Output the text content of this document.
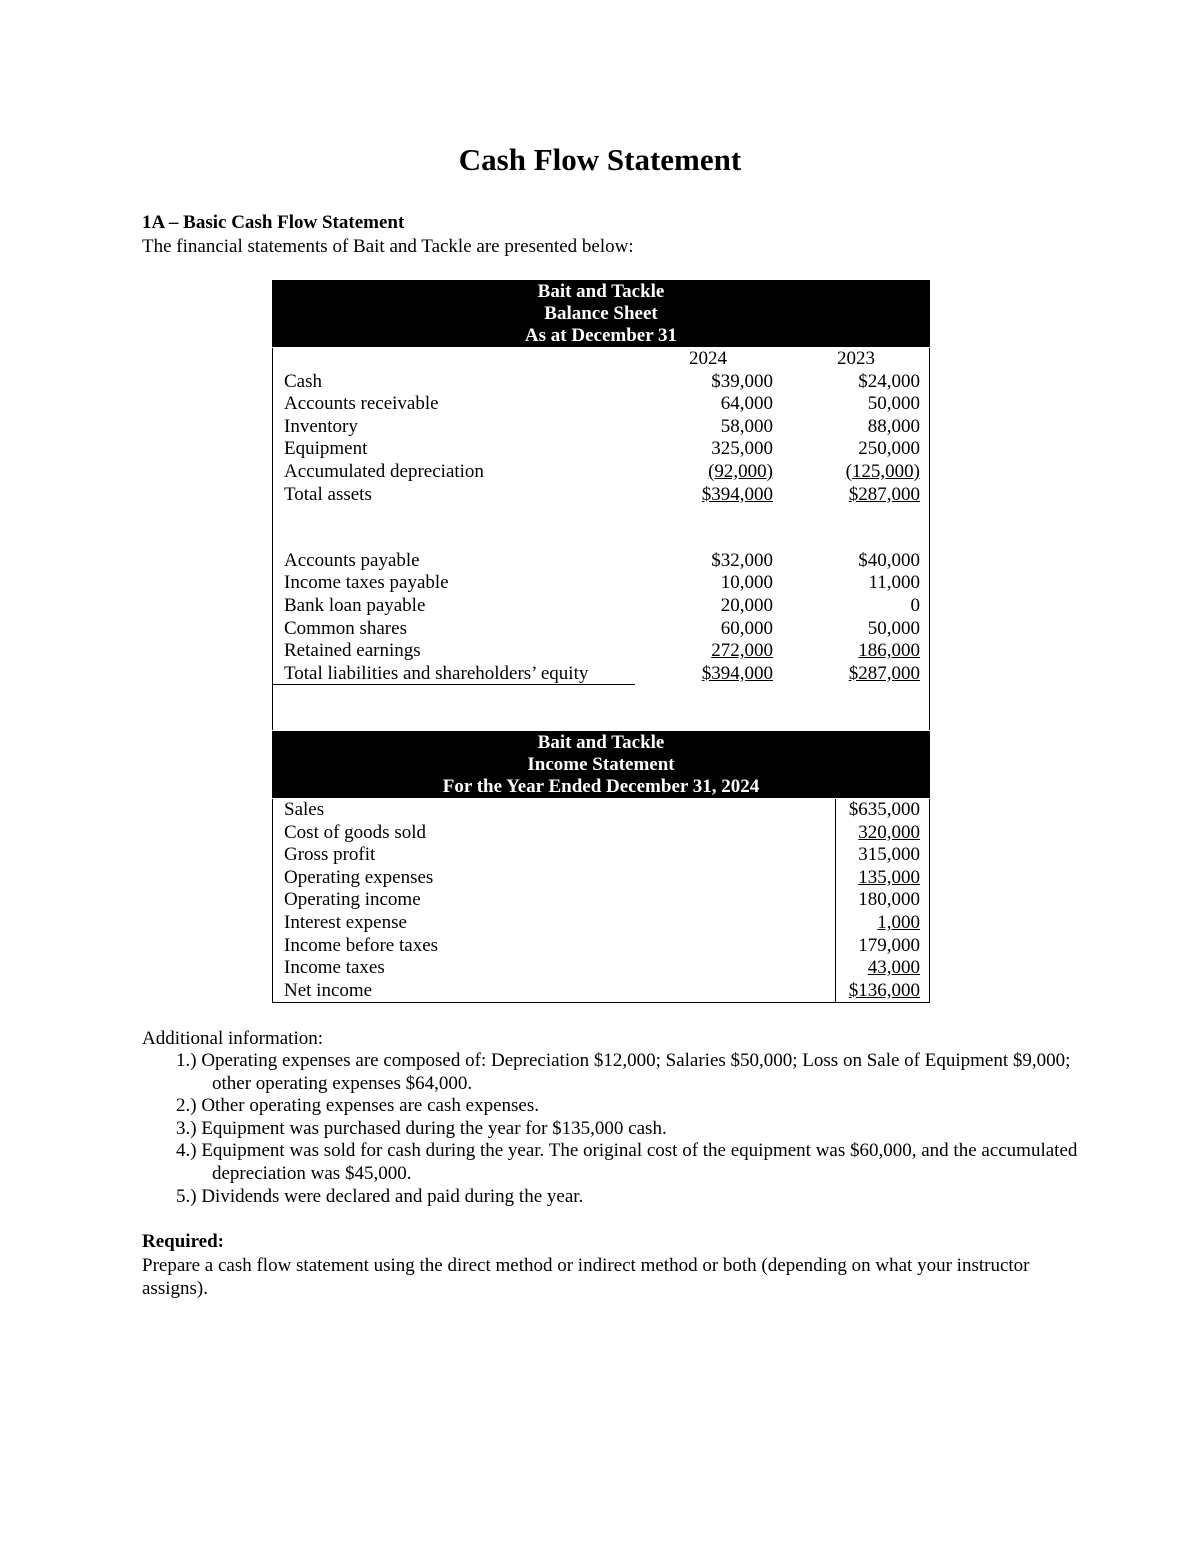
Cash Flow Statement
1A – Basic Cash Flow Statement
The financial statements of Bait and Tackle are presented below:
Bait and Tackle
Balance Sheet
As at December 31
2024	2023
Cash	$39,000	$24,000
Accounts receivable	64,000	50,000
Inventory	58,000	88,000
Equipment	325,000	250,000
Accumulated depreciation	(92,000)	(125,000)
Total assets	$394,000	$287,000
Accounts payable	$32,000	$40,000
Income taxes payable	10,000	11,000
Bank loan payable	20,000	0
Common shares	60,000	50,000
Retained earnings	272,000	186,000
Total liabilities and shareholders’ equity	$394,000	$287,000
Bait and Tackle
Income Statement
For the Year Ended December 31, 2024
Sales	$635,000
Cost of goods sold	320,000
Gross profit	315,000
Operating expenses	135,000
Operating income	180,000
Interest expense	1,000
Income before taxes	179,000
Income taxes	43,000
Net income	$136,000
Additional information:
1.) Operating expenses are composed of: Depreciation $12,000; Salaries $50,000; Loss on Sale of Equipment $9,000; other operating expenses $64,000.
2.) Other operating expenses are cash expenses.
3.) Equipment was purchased during the year for $135,000 cash.
4.) Equipment was sold for cash during the year. The original cost of the equipment was $60,000, and the accumulated depreciation was $45,000.
5.) Dividends were declared and paid during the year.
Required:
Prepare a cash flow statement using the direct method or indirect method or both (depending on what your instructor assigns).
